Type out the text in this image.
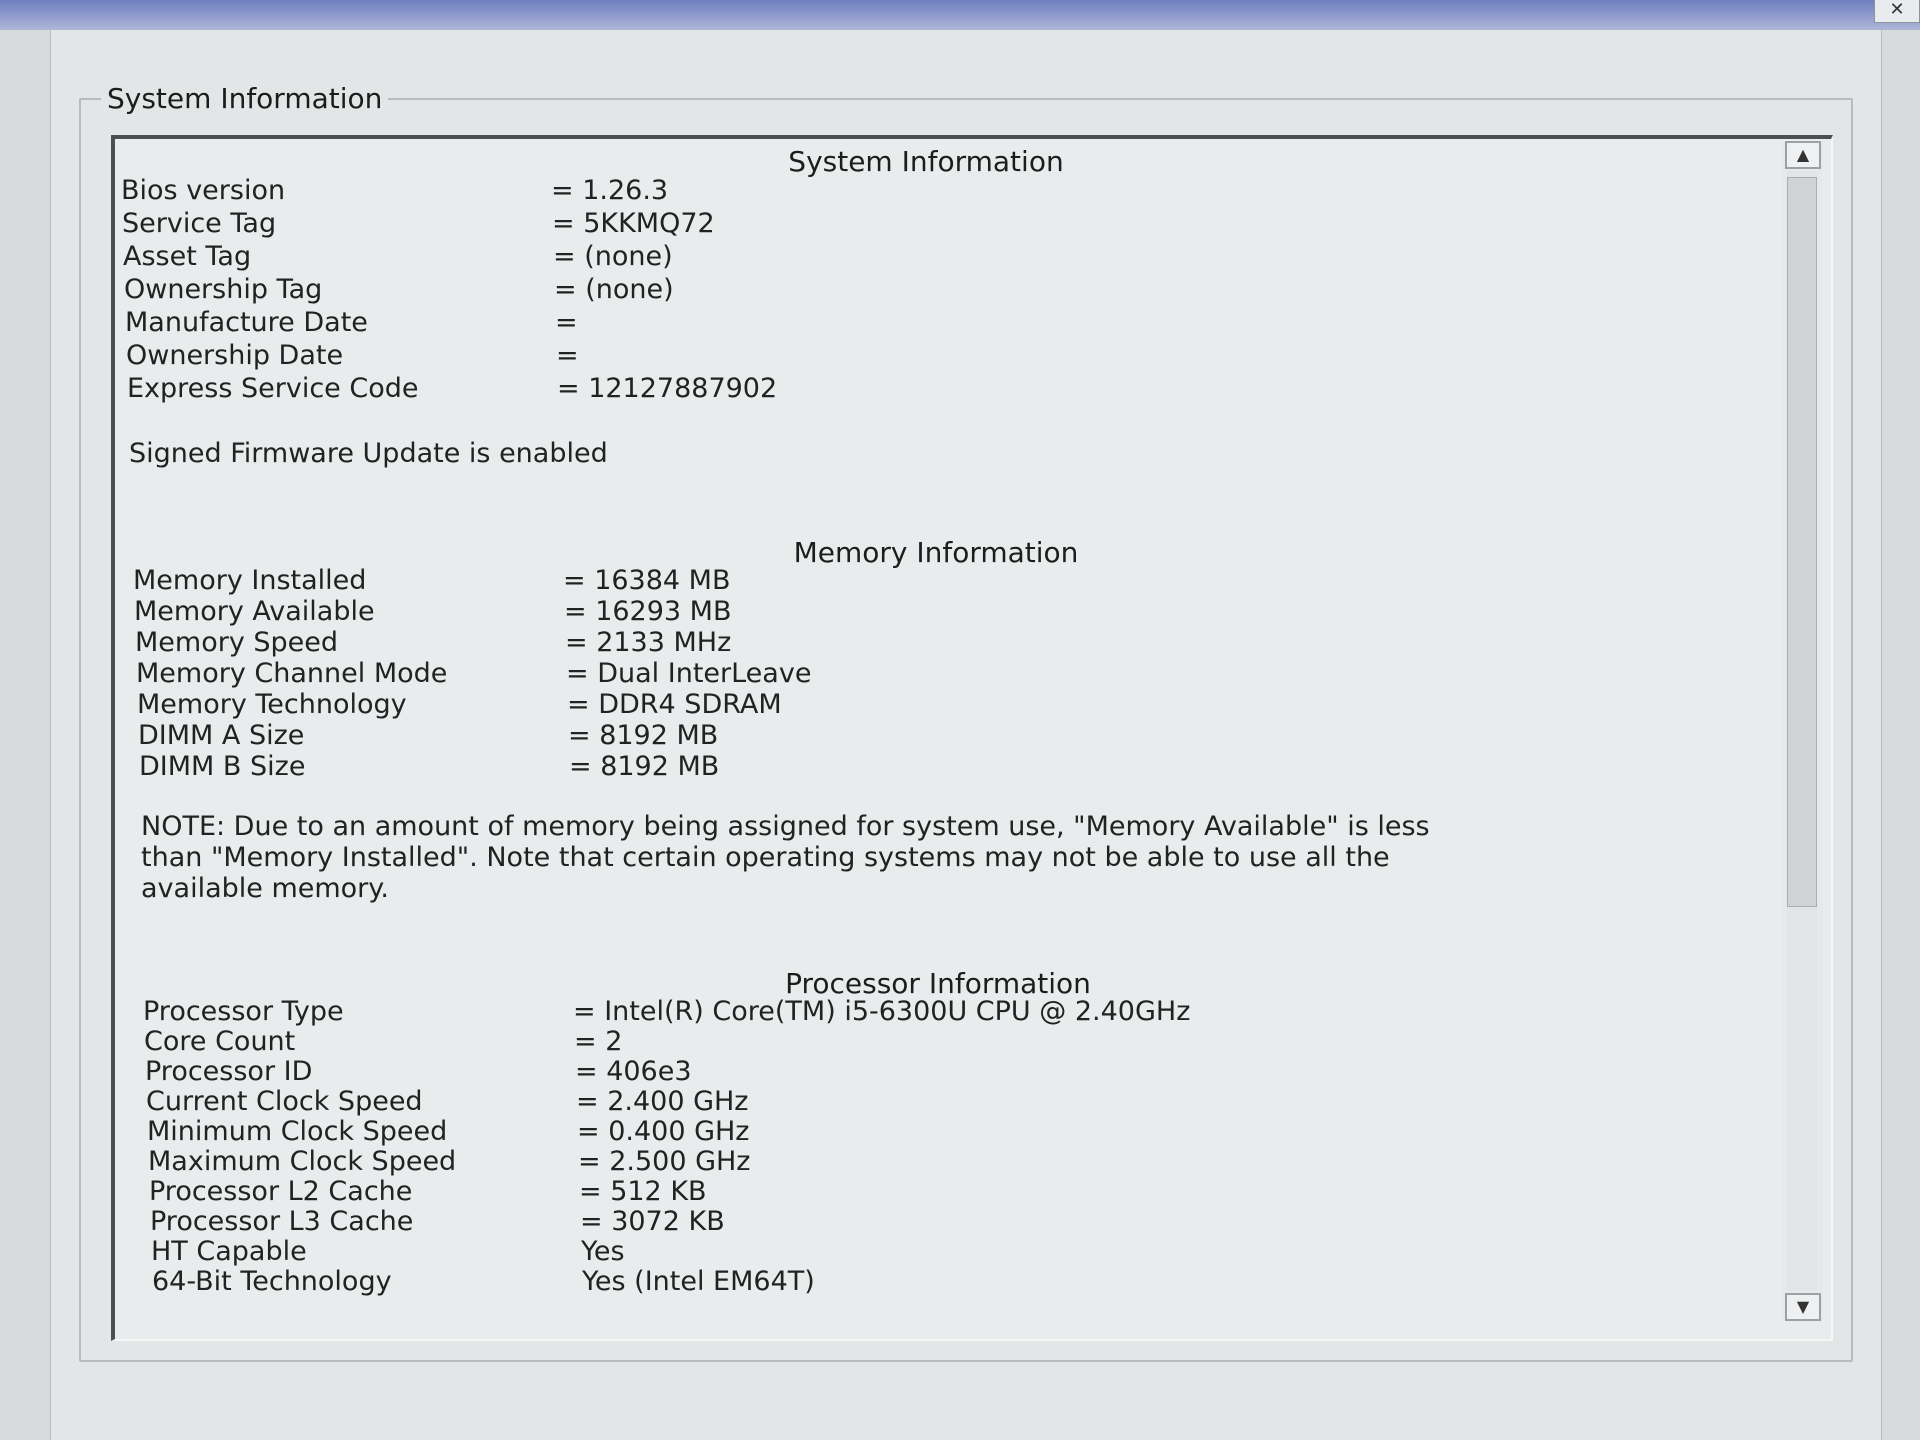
✕
System Information
System Information
Bios version	= 1.26.3
Service Tag	= 5KKMQ72
Asset Tag	= (none)
Ownership Tag	= (none)
Manufacture Date	=
Ownership Date	=
Express Service Code	= 12127887902
Signed Firmware Update is enabled
Memory Information
Memory Installed	= 16384 MB
Memory Available	= 16293 MB
Memory Speed	= 2133 MHz
Memory Channel Mode	= Dual InterLeave
Memory Technology	= DDR4 SDRAM
DIMM A Size	= 8192 MB
DIMM B Size	= 8192 MB
NOTE: Due to an amount of memory being assigned for system use, "Memory Available" is less
than "Memory Installed". Note that certain operating systems may not be able to use all the
available memory.
Processor Information
Processor Type	= Intel(R) Core(TM) i5-6300U CPU @ 2.40GHz
Core Count	= 2
Processor ID	= 406e3
Current Clock Speed	= 2.400 GHz
Minimum Clock Speed	= 0.400 GHz
Maximum Clock Speed	= 2.500 GHz
Processor L2 Cache	= 512 KB
Processor L3 Cache	= 3072 KB
HT Capable	Yes
64-Bit Technology	Yes (Intel EM64T)
▲
▼
